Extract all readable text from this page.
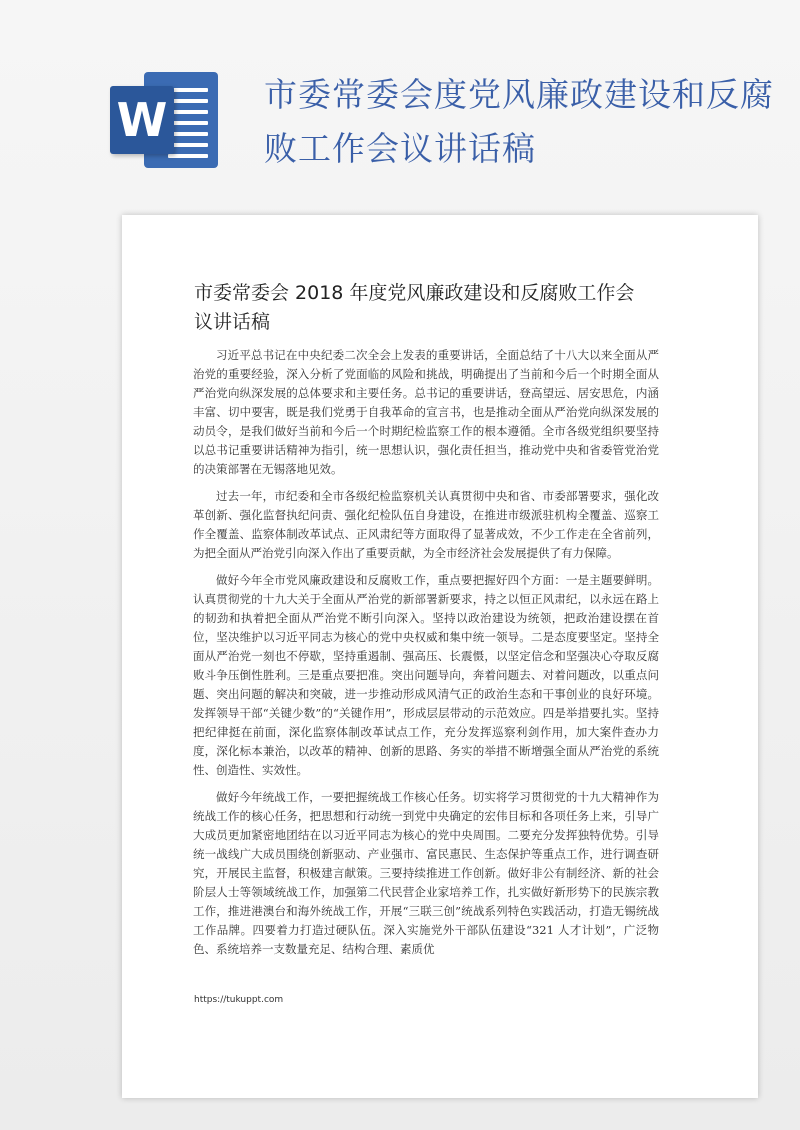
W	市委常委会度党风廉政建设和反腐败工作会议讲话稿
市委常委会 2018 年度党风廉政建设和反腐败工作会议讲话稿

习近平总书记在中央纪委二次全会上发表的重要讲话，全面总结了十八大以来全面从严治党的重要经验，深入分析了党面临的风险和挑战，明确提出了当前和今后一个时期全面从严治党向纵深发展的总体要求和主要任务。总书记的重要讲话，登高望远、居安思危，内涵丰富、切中要害，既是我们党勇于自我革命的宣言书，也是推动全面从严治党向纵深发展的动员令，是我们做好当前和今后一个时期纪检监察工作的根本遵循。全市各级党组织要坚持以总书记重要讲话精神为指引，统一思想认识，强化责任担当，推动党中央和省委管党治党的决策部署在无锡落地见效。

过去一年，市纪委和全市各级纪检监察机关认真贯彻中央和省、市委部署要求，强化改革创新、强化监督执纪问责、强化纪检队伍自身建设，在推进市级派驻机构全覆盖、巡察工作全覆盖、监察体制改革试点、正风肃纪等方面取得了显著成效，不少工作走在全省前列，为把全面从严治党引向深入作出了重要贡献，为全市经济社会发展提供了有力保障。

做好今年全市党风廉政建设和反腐败工作，重点要把握好四个方面：一是主题要鲜明。认真贯彻党的十九大关于全面从严治党的新部署新要求，持之以恒正风肃纪，以永远在路上的韧劲和执着把全面从严治党不断引向深入。坚持以政治建设为统领，把政治建设摆在首位，坚决维护以习近平同志为核心的党中央权威和集中统一领导。二是态度要坚定。坚持全面从严治党一刻也不停歇，坚持重遏制、强高压、长震慑，以坚定信念和坚强决心夺取反腐败斗争压倒性胜利。三是重点要把准。突出问题导向，奔着问题去、对着问题改，以重点问题、突出问题的解决和突破，进一步推动形成风清气正的政治生态和干事创业的良好环境。发挥领导干部“关键少数”的“关键作用”，形成层层带动的示范效应。四是举措要扎实。坚持把纪律挺在前面，深化监察体制改革试点工作，充分发挥巡察利剑作用，加大案件查办力度，深化标本兼治，以改革的精神、创新的思路、务实的举措不断增强全面从严治党的系统性、创造性、实效性。

做好今年统战工作，一要把握统战工作核心任务。切实将学习贯彻党的十九大精神作为统战工作的核心任务，把思想和行动统一到党中央确定的宏伟目标和各项任务上来，引导广大成员更加紧密地团结在以习近平同志为核心的党中央周围。二要充分发挥独特优势。引导统一战线广大成员围绕创新驱动、产业强市、富民惠民、生态保护等重点工作，进行调查研究，开展民主监督，积极建言献策。三要持续推进工作创新。做好非公有制经济、新的社会阶层人士等领域统战工作，加强第二代民营企业家培养工作，扎实做好新形势下的民族宗教工作，推进港澳台和海外统战工作，开展“三联三创”统战系列特色实践活动，打造无锡统战工作品牌。四要着力打造过硬队伍。深入实施党外干部队伍建设“321 人才计划”，广泛物色、系统培养一支数量充足、结构合理、素质优

https://tukuppt.com
